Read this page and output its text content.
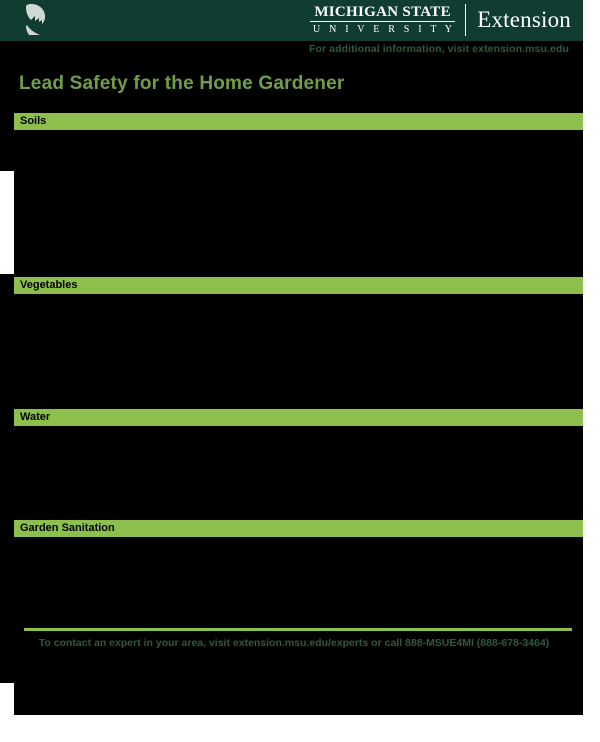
MICHIGAN STATE
U N I V E R S I T Y Extension
For additional information, visit extension.msu.edu
Lead Safety for the Home Gardener
Soils
Vegetables
Water
Garden Sanitation
To contact an expert in your area, visit extension.msu.edu/experts or call 888-MSUE4MI (888-678-3464)
